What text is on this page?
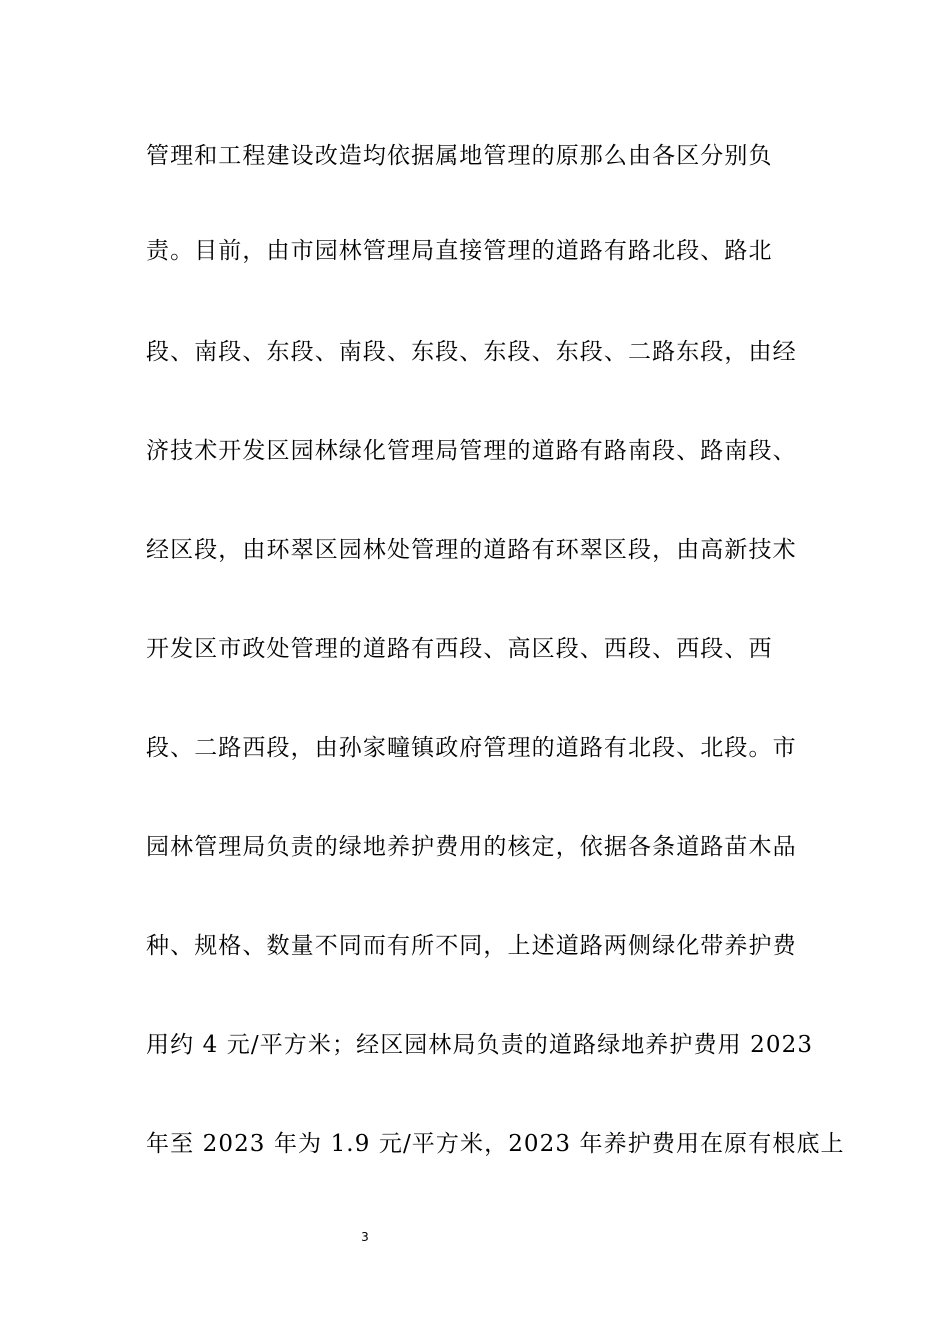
管理和工程建设改造均依据属地管理的原那么由各区分别负
责。目前，由市园林管理局直接管理的道路有路北段、路北
段、南段、东段、南段、东段、东段、东段、二路东段，由经
济技术开发区园林绿化管理局管理的道路有路南段、路南段、
经区段，由环翠区园林处管理的道路有环翠区段，由高新技术
开发区市政处管理的道路有西段、高区段、西段、西段、西
段、二路西段，由孙家疃镇政府管理的道路有北段、北段。市
园林管理局负责的绿地养护费用的核定，依据各条道路苗木品
种、规格、数量不同而有所不同，上述道路两侧绿化带养护费
用约 4 元/平方米；经区园林局负责的道路绿地养护费用 2023
年至 2023 年为 1.9 元/平方米，2023 年养护费用在原有根底上
3
